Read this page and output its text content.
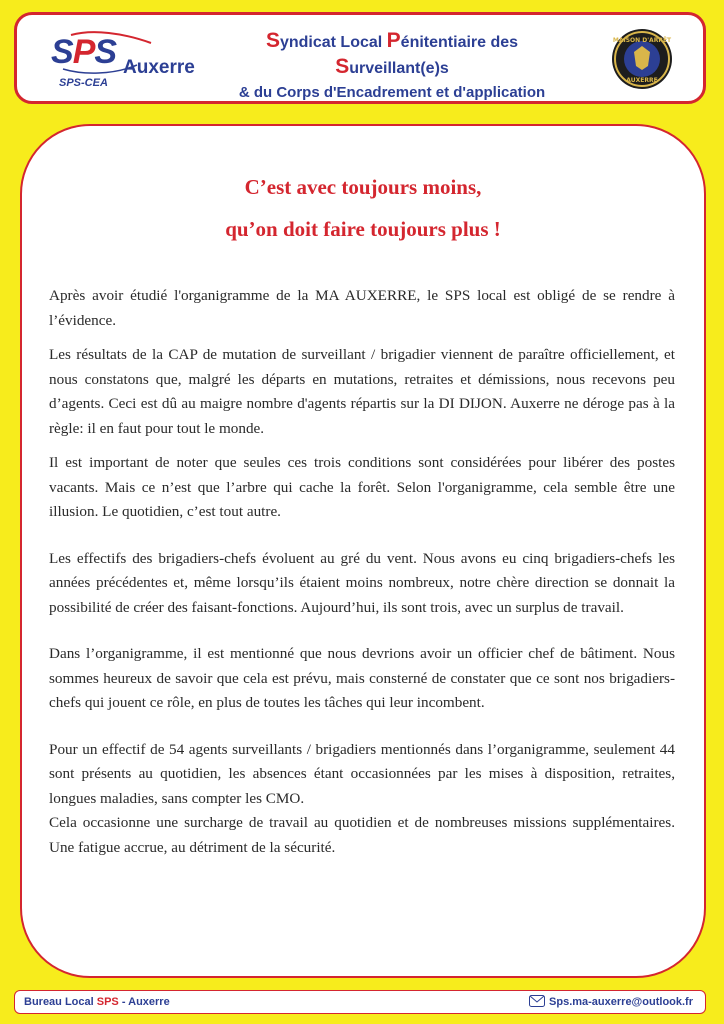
SPS Auxerre
SPS-CEA
Syndicat Local Pénitentiaire des Surveillant(e)s
& du Corps d'Encadrement et d'application
MAISON D'ARRÊT
AUXERRE
C’est avec toujours moins,
qu’on doit faire toujours plus !

Après avoir étudié l'organigramme de la MA AUXERRE, le SPS local est obligé de se rendre à l’évidence.

Les résultats de la CAP de mutation de surveillant / brigadier viennent de paraître officiellement, et nous constatons que, malgré les départs en mutations, retraites et démissions, nous recevons peu d’agents. Ceci est dû au maigre nombre d'agents répartis sur la DI DIJON. Auxerre ne déroge pas à la règle: il en faut pour tout le monde.

Il est important de noter que seules ces trois conditions sont considérées pour libérer des postes vacants. Mais ce n’est que l’arbre qui cache la forêt. Selon l'organigramme, cela semble être une illusion. Le quotidien, c’est tout autre.

Les effectifs des brigadiers-chefs évoluent au gré du vent. Nous avons eu cinq brigadiers-chefs les années précédentes et, même lorsqu’ils étaient moins nombreux, notre chère direction se donnait la possibilité de créer des faisant-fonctions. Aujourd’hui, ils sont trois, avec un surplus de travail.

Dans l’organigramme, il est mentionné que nous devrions avoir un officier chef de bâtiment. Nous sommes heureux de savoir que cela est prévu, mais consterné de constater que ce sont nos brigadiers-chefs qui jouent ce rôle, en plus de toutes les tâches qui leur incombent.

Pour un effectif de 54 agents surveillants / brigadiers mentionnés dans l’organigramme, seulement 44 sont présents au quotidien, les absences étant occasionnées par les mises à disposition, retraites, longues maladies, sans compter les CMO.

Cela occasionne une surcharge de travail au quotidien et de nombreuses missions supplémentaires. Une fatigue accrue, au détriment de la sécurité.

Bureau Local SPS - Auxerre	Sps.ma-auxerre@outlook.fr
